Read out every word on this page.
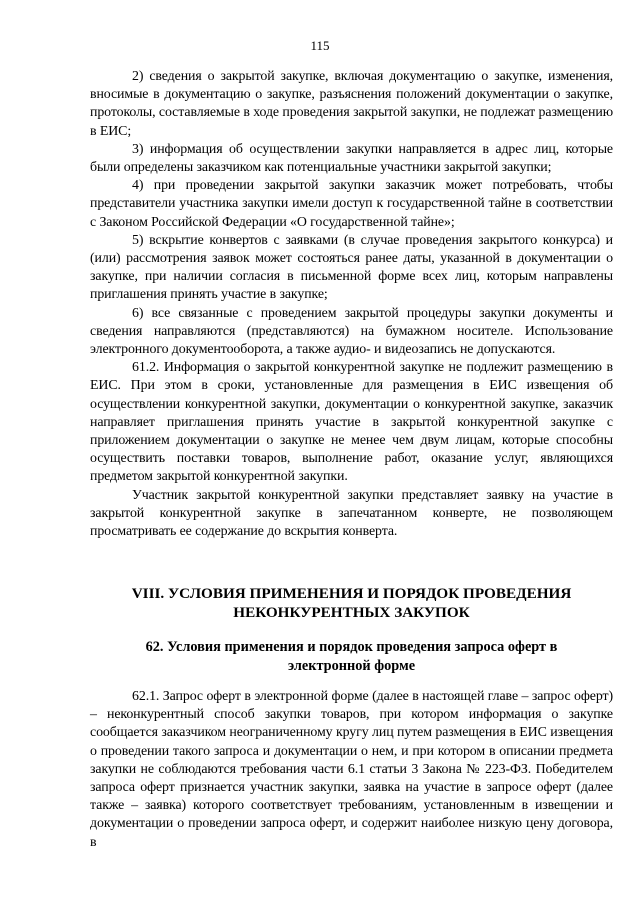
115

2) сведения о закрытой закупке, включая документацию о закупке, изменения, вносимые в документацию о закупке, разъяснения положений документации о закупке, протоколы, составляемые в ходе проведения закрытой закупки, не подлежат размещению в ЕИС;

3) информация об осуществлении закупки направляется в адрес лиц, которые были определены заказчиком как потенциальные участники закрытой закупки;

4) при проведении закрытой закупки заказчик может потребовать, чтобы представители участника закупки имели доступ к государственной тайне в соответствии с Законом Российской Федерации «О государственной тайне»;

5) вскрытие конвертов с заявками (в случае проведения закрытого конкурса) и (или) рассмотрения заявок может состояться ранее даты, указанной в документации о закупке, при наличии согласия в письменной форме всех лиц, которым направлены приглашения принять участие в закупке;

6) все связанные с проведением закрытой процедуры закупки документы и сведения направляются (представляются) на бумажном носителе. Использование электронного документооборота, а также аудио- и видеозапись не допускаются.

61.2. Информация о закрытой конкурентной закупке не подлежит размещению в ЕИС. При этом в сроки, установленные для размещения в ЕИС извещения об осуществлении конкурентной закупки, документации о конкурентной закупке, заказчик направляет приглашения принять участие в закрытой конкурентной закупке с приложением документации о закупке не менее чем двум лицам, которые способны осуществить поставки товаров, выполнение работ, оказание услуг, являющихся предметом закрытой конкурентной закупки.

Участник закрытой конкурентной закупки представляет заявку на участие в закрытой конкурентной закупке в запечатанном конверте, не позволяющем просматривать ее содержание до вскрытия конверта.

VIII. УСЛОВИЯ ПРИМЕНЕНИЯ И ПОРЯДОК ПРОВЕДЕНИЯ
НЕКОНКУРЕНТНЫХ ЗАКУПОК
62. Условия применения и порядок проведения запроса оферт в
электронной форме

62.1. Запрос оферт в электронной форме (далее в настоящей главе – запрос оферт) – неконкурентный способ закупки товаров, при котором информация о закупке сообщается заказчиком неограниченному кругу лиц путем размещения в ЕИС извещения о проведении такого запроса и документации о нем, и при котором в описании предмета закупки не соблюдаются требования части 6.1 статьи 3 Закона № 223-ФЗ. Победителем запроса оферт признается участник закупки, заявка на участие в запросе оферт (далее также – заявка) которого соответствует требованиям, установленным в извещении и документации о проведении запроса оферт, и содержит наиболее низкую цену договора, в
